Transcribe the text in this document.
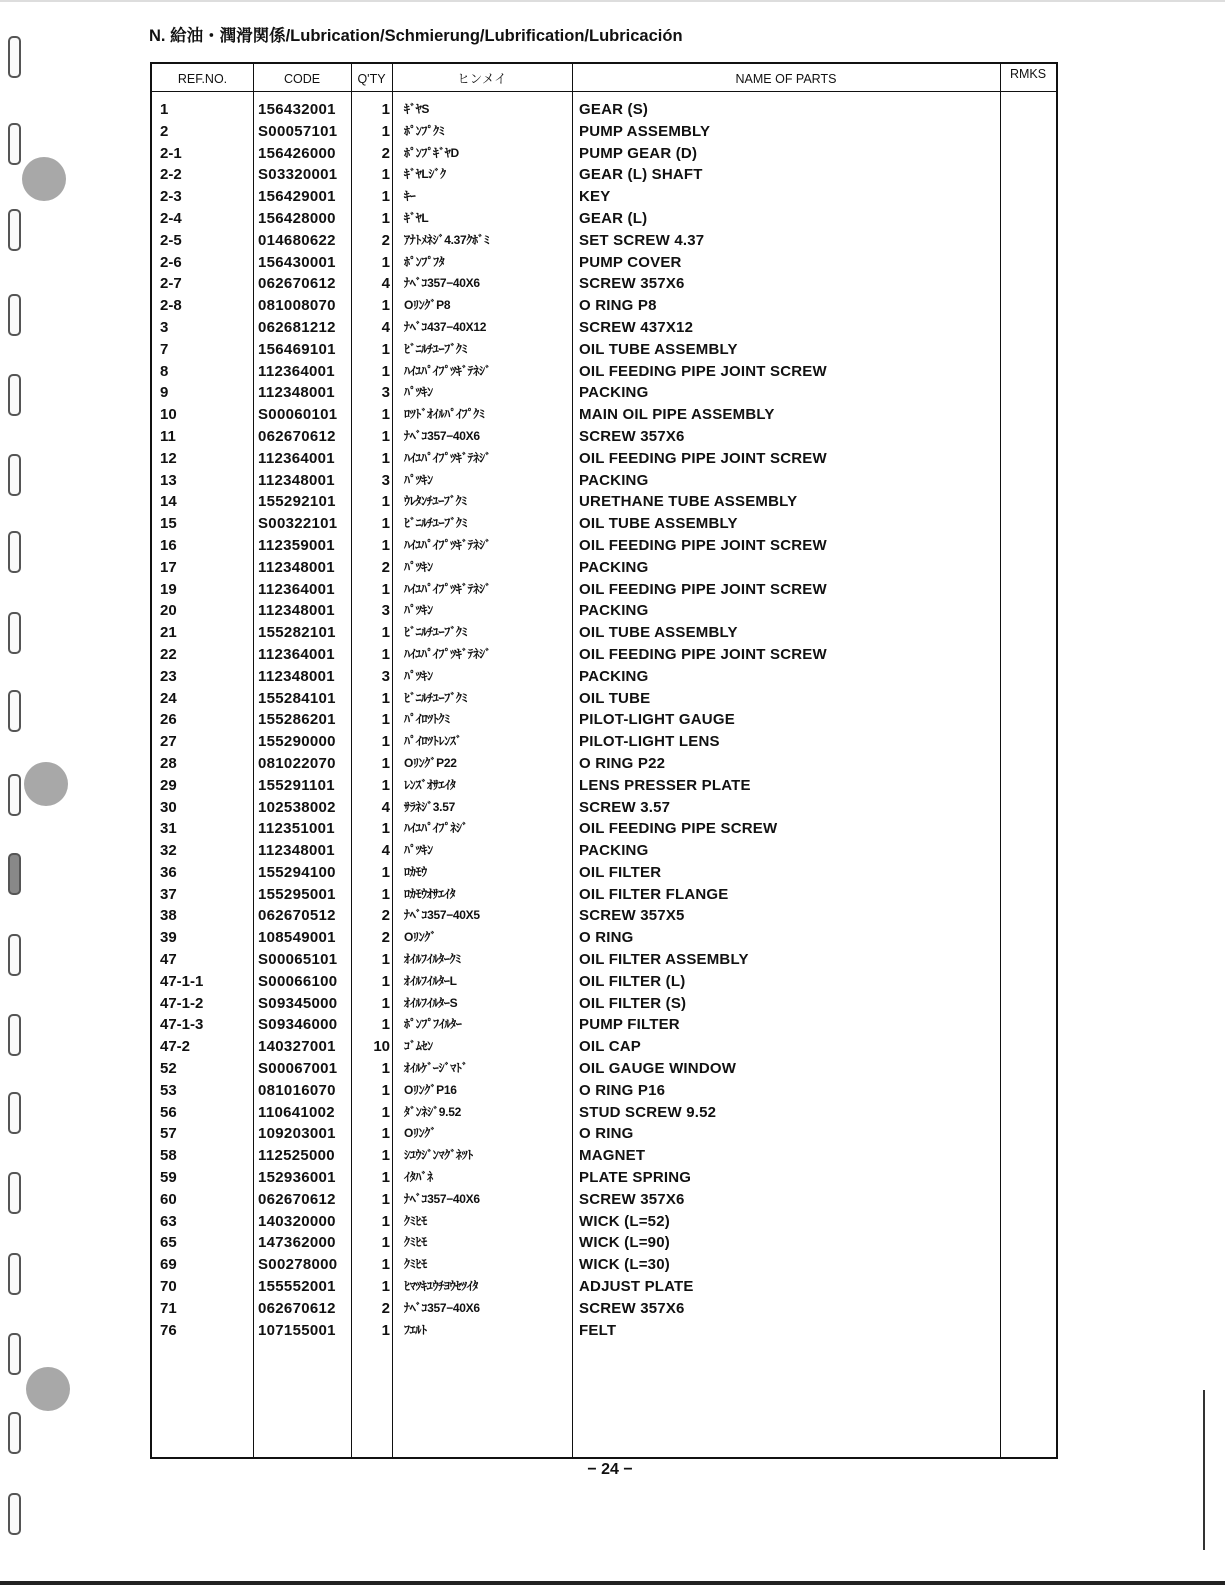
N. 給油・潤滑関係/Lubrication/Schmierung/Lubrification/Lubricación
REF.NO.	CODE	Q'TY	ヒンメイ	NAME OF PARTS	RMKS
1	156432001	1 ｷﾞﾔS	GEAR (S)
2	S00057101	1 ﾎﾟﾝﾌﾟｸﾐ	PUMP ASSEMBLY
2-1	156426000	2 ﾎﾟﾝﾌﾟｷﾞﾔD	PUMP GEAR (D)
2-2	S03320001	1 ｷﾞﾔLｼﾞｸ	GEAR (L) SHAFT
2-3	156429001	1 ｷｰ	KEY
2-4	156428000	1 ｷﾞﾔL	GEAR (L)
2-5	014680622	2 ｱﾅﾄﾒﾈｼﾞ4.37ｸﾎﾞﾐ	SET SCREW 4.37
2-6	156430001	1 ﾎﾟﾝﾌﾟﾌﾀ	PUMP COVER
2-7	062670612	4 ﾅﾍﾞｺ357−40X6	SCREW 357X6
2-8	081008070	1 OﾘﾝｸﾞP8	O RING P8
3	062681212	4 ﾅﾍﾞｺ437−40X12	SCREW 437X12
7	156469101	1 ﾋﾞﾆﾙﾁﾕｰﾌﾞｸﾐ	OIL TUBE ASSEMBLY
8	112364001	1 ﾊｲﾕﾊﾟｲﾌﾟﾂｷﾞﾃﾈｼﾞ	OIL FEEDING PIPE JOINT SCREW
9	112348001	3 ﾊﾟﾂｷﾝ	PACKING
10	S00060101	1 ﾛﾂﾄﾞｵｲﾙﾊﾟｲﾌﾟｸﾐ	MAIN OIL PIPE ASSEMBLY
11	062670612	1 ﾅﾍﾞｺ357−40X6	SCREW 357X6
12	112364001	1 ﾊｲﾕﾊﾟｲﾌﾟﾂｷﾞﾃﾈｼﾞ	OIL FEEDING PIPE JOINT SCREW
13	112348001	3 ﾊﾟﾂｷﾝ	PACKING
14	155292101	1 ｳﾚﾀﾝﾁﾕｰﾌﾞｸﾐ	URETHANE TUBE ASSEMBLY
15	S00322101	1 ﾋﾞﾆﾙﾁﾕｰﾌﾞｸﾐ	OIL TUBE ASSEMBLY
16	112359001	1 ﾊｲﾕﾊﾟｲﾌﾟﾂｷﾞﾃﾈｼﾞ	OIL FEEDING PIPE JOINT SCREW
17	112348001	2 ﾊﾟﾂｷﾝ	PACKING
19	112364001	1 ﾊｲﾕﾊﾟｲﾌﾟﾂｷﾞﾃﾈｼﾞ	OIL FEEDING PIPE JOINT SCREW
20	112348001	3 ﾊﾟﾂｷﾝ	PACKING
21	155282101	1 ﾋﾞﾆﾙﾁﾕｰﾌﾞｸﾐ	OIL TUBE ASSEMBLY
22	112364001	1 ﾊｲﾕﾊﾟｲﾌﾟﾂｷﾞﾃﾈｼﾞ	OIL FEEDING PIPE JOINT SCREW
23	112348001	3 ﾊﾟﾂｷﾝ	PACKING
24	155284101	1 ﾋﾞﾆﾙﾁﾕｰﾌﾞｸﾐ	OIL TUBE
26	155286201	1 ﾊﾟｲﾛﾂﾄｸﾐ	PILOT-LIGHT GAUGE
27	155290000	1 ﾊﾟｲﾛﾂﾄﾚﾝｽﾞ	PILOT-LIGHT LENS
28	081022070	1 OﾘﾝｸﾞP22	O RING P22
29	155291101	1 ﾚﾝｽﾞｵｻｴｲﾀ	LENS PRESSER PLATE
30	102538002	4 ｻﾗﾈｼﾞ3.57	SCREW 3.57
31	112351001	1 ﾊｲﾕﾊﾟｲﾌﾟﾈｼﾞ	OIL FEEDING PIPE SCREW
32	112348001	4 ﾊﾟﾂｷﾝ	PACKING
36	155294100	1 ﾛｶﾓｳ	OIL FILTER
37	155295001	1 ﾛｶﾓｳｵｻｴｲﾀ	OIL FILTER FLANGE
38	062670512	2 ﾅﾍﾞｺ357−40X5	SCREW 357X5
39	108549001	2 Oﾘﾝｸﾞ	O RING
47	S00065101	1 ｵｲﾙﾌｲﾙﾀｰｸﾐ	OIL FILTER ASSEMBLY
47-1-1	S00066100	1 ｵｲﾙﾌｲﾙﾀｰL	OIL FILTER (L)
47-1-2	S09345000	1 ｵｲﾙﾌｲﾙﾀｰS	OIL FILTER (S)
47-1-3	S09346000	1 ﾎﾟﾝﾌﾟﾌｲﾙﾀｰ	PUMP FILTER
47-2	140327001	10 ｺﾞﾑｾﾝ	OIL CAP
52	S00067001	1 ｵｲﾙｹﾞｰｼﾞﾏﾄﾞ	OIL GAUGE WINDOW
53	081016070	1 OﾘﾝｸﾞP16	O RING P16
56	110641002	1 ﾀﾞﾝﾈｼﾞ9.52	STUD SCREW 9.52
57	109203001	1 Oﾘﾝｸﾞ	O RING
58	112525000	1 ｼﾕｳｼﾞﾝﾏｸﾞﾈﾂﾄ	MAGNET
59	152936001	1 ｲﾀﾊﾞﾈ	PLATE SPRING
60	062670612	1 ﾅﾍﾞｺ357−40X6	SCREW 357X6
63	140320000	1 ｸﾐﾋﾓ	WICK (L=52)
65	147362000	1 ｸﾐﾋﾓ	WICK (L=90)
69	S00278000	1 ｸﾐﾋﾓ	WICK (L=30)
70	155552001	1 ﾋﾏﾂｷﾕｳﾁﾖｳｾﾂｲﾀ	ADJUST PLATE
71	062670612	2 ﾅﾍﾞｺ357−40X6	SCREW 357X6
76	107155001	1 ﾌｴﾙﾄ	FELT
− 24 −
